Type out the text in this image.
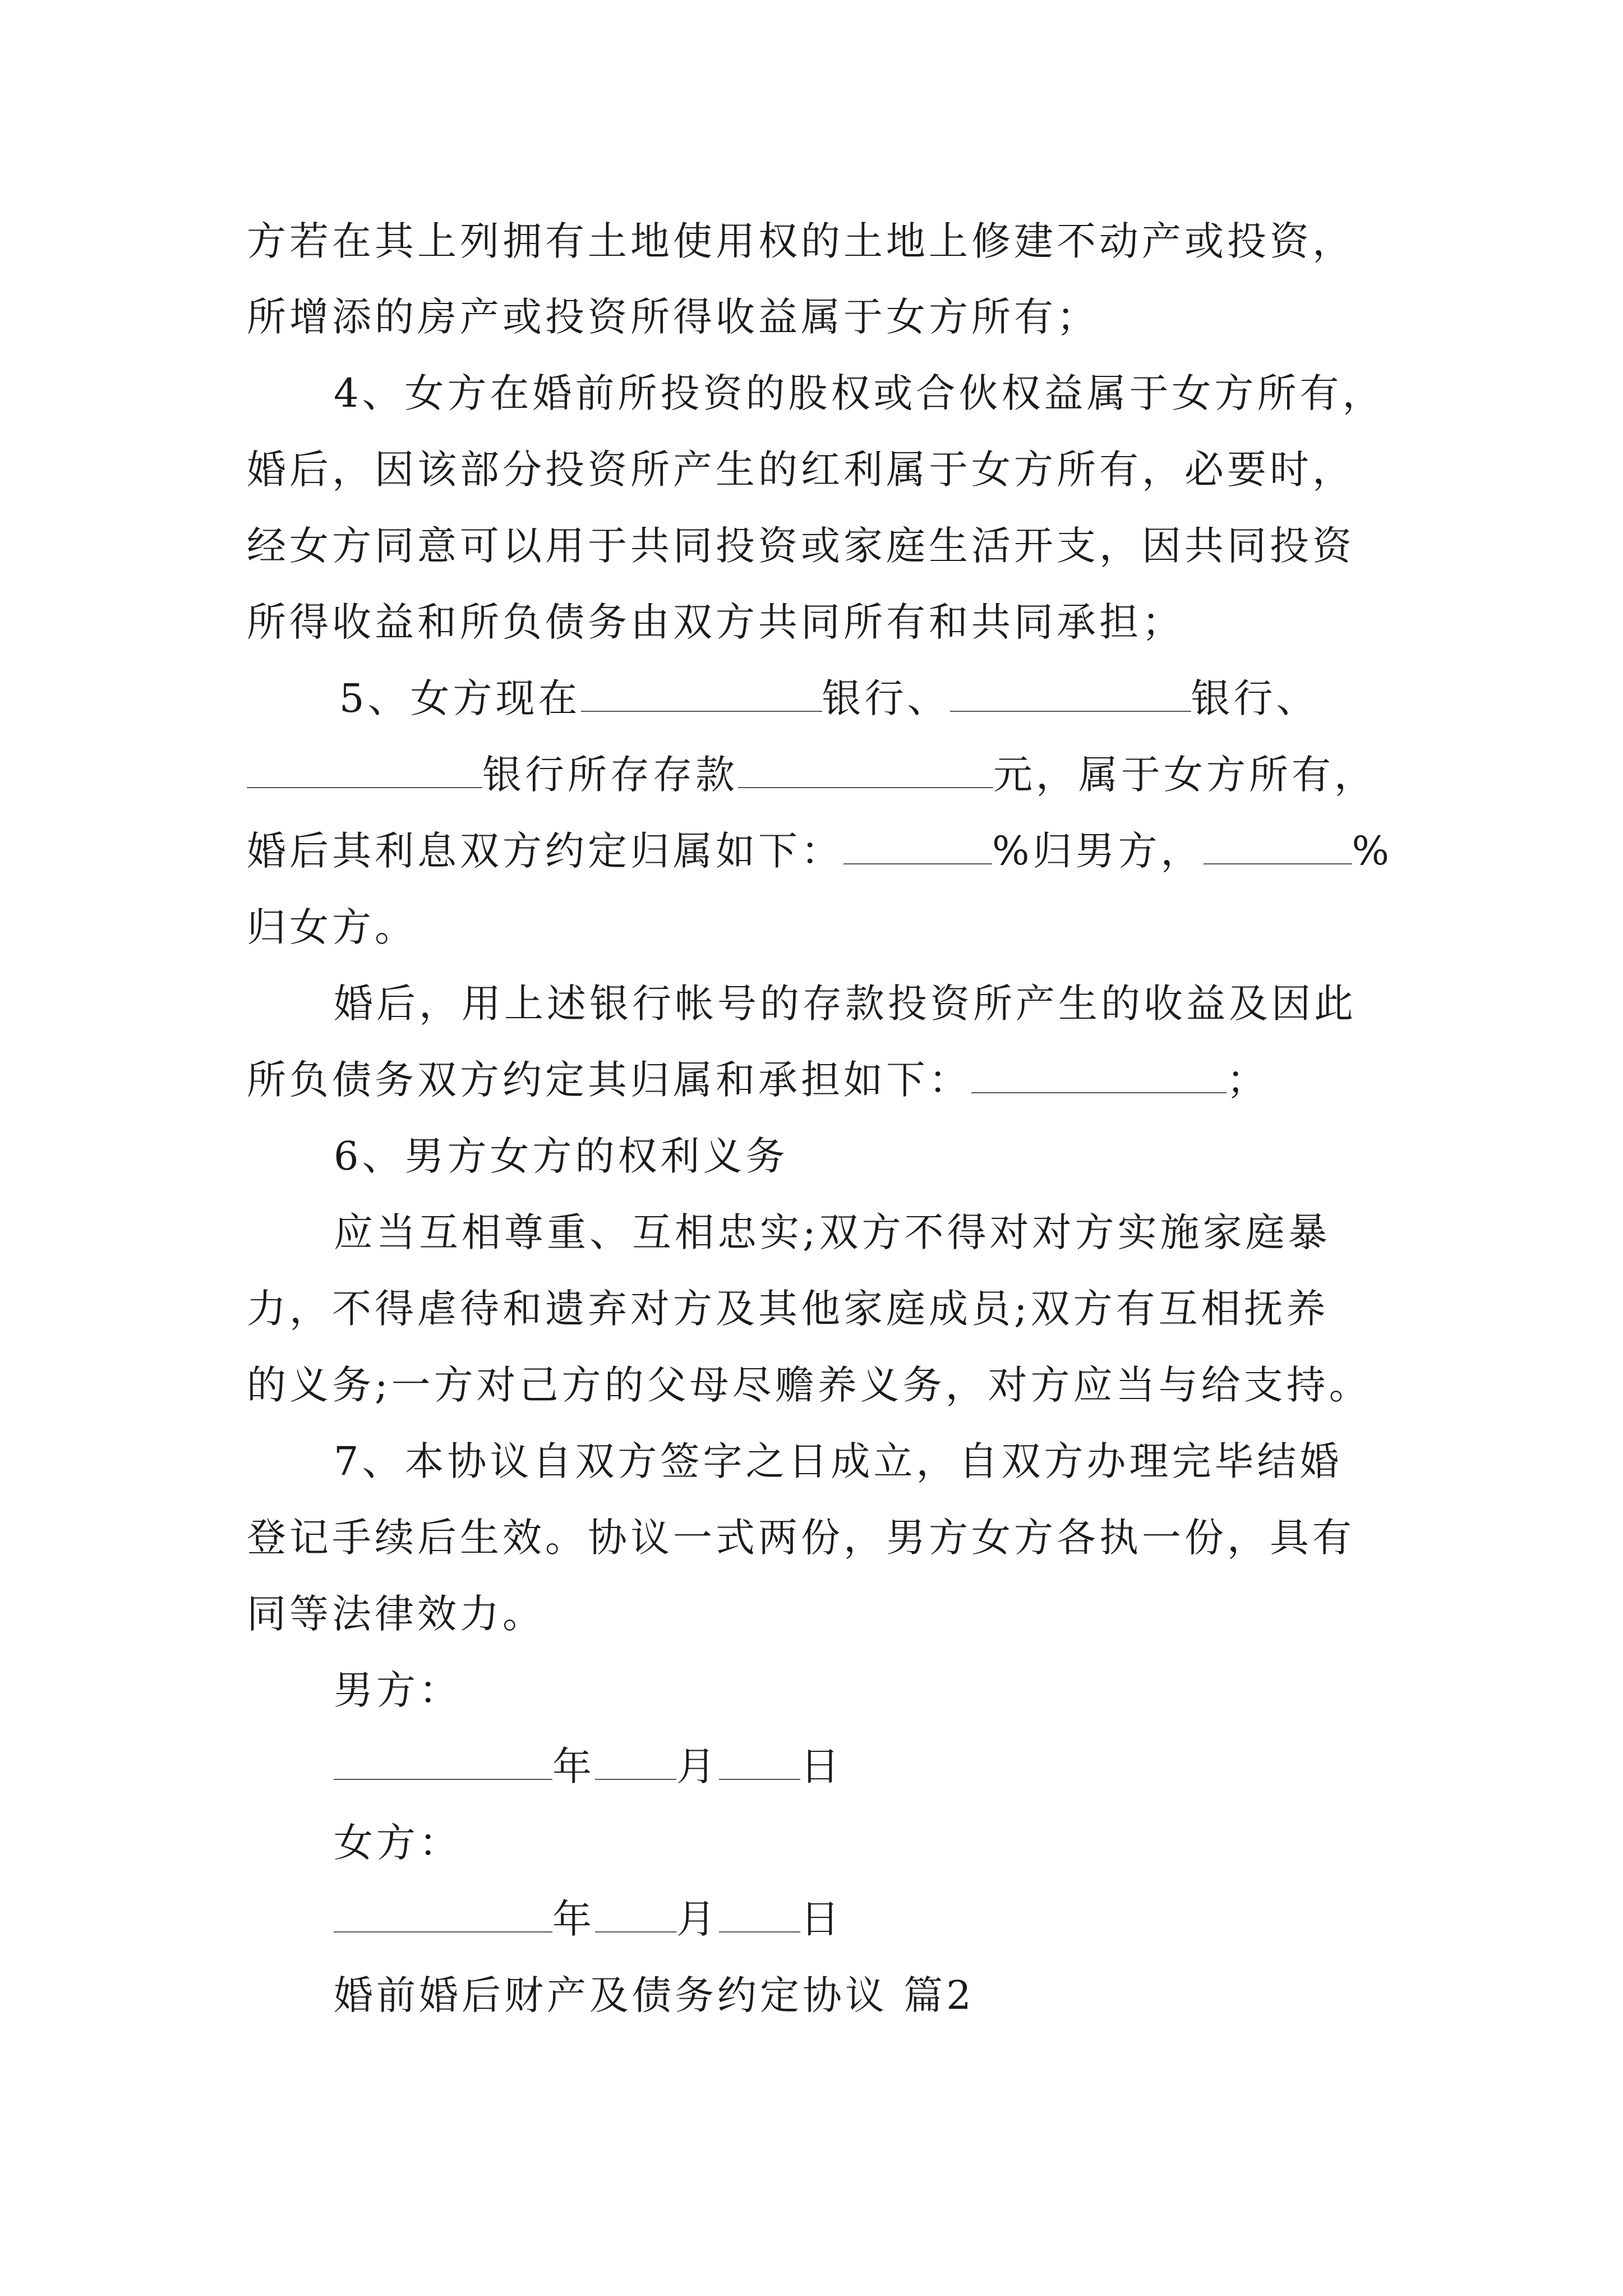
方若在其上列拥有土地使用权的土地上修建不动产或投资，
所增添的房产或投资所得收益属于女方所有；
4、女方在婚前所投资的股权或合伙权益属于女方所有，
婚后，因该部分投资所产生的红利属于女方所有，必要时，
经女方同意可以用于共同投资或家庭生活开支，因共同投资
所得收益和所负债务由双方共同所有和共同承担；
5、女方现在	银行、	银行、
银行所存存款	元，属于女方所有，
婚后其利息双方约定归属如下：	%归男方，	%
归女方。
婚后，用上述银行帐号的存款投资所产生的收益及因此
所负债务双方约定其归属和承担如下：	；
6、男方女方的权利义务
应当互相尊重、互相忠实;双方不得对对方实施家庭暴
力，不得虐待和遗弃对方及其他家庭成员;双方有互相抚养
的义务;一方对己方的父母尽赡养义务，对方应当与给支持。
7、本协议自双方签字之日成立，自双方办理完毕结婚
登记手续后生效。协议一式两份，男方女方各执一份，具有
同等法律效力。
男方：
年 月 日
女方：
年 月 日
婚前婚后财产及债务约定协议 篇2
